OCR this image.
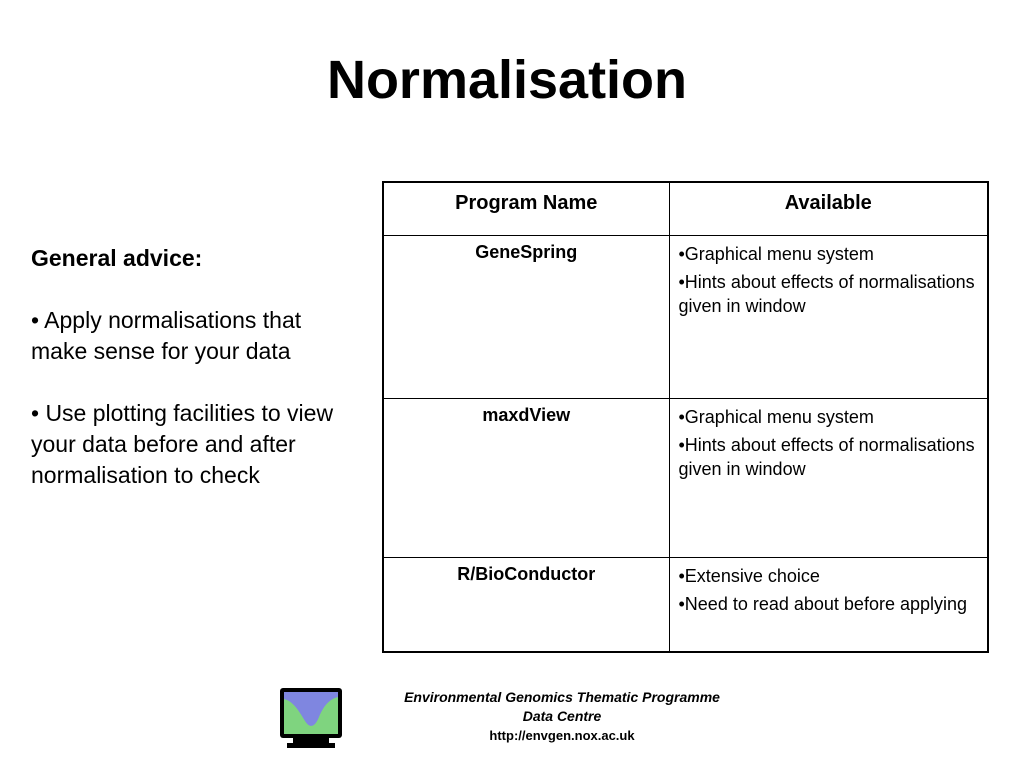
Normalisation
General advice:
• Apply normalisations that make sense for your data
• Use plotting facilities to view your data before and after normalisation to check
Program Name	Available
GeneSpring	•Graphical menu system
•Hints about effects of normalisations given in window

maxdView	•Graphical menu system
•Hints about effects of normalisations given in window

R/BioConductor	•Extensive choice
•Need to read about before applying
Environmental Genomics Thematic Programme
Data Centre
http://envgen.nox.ac.uk
